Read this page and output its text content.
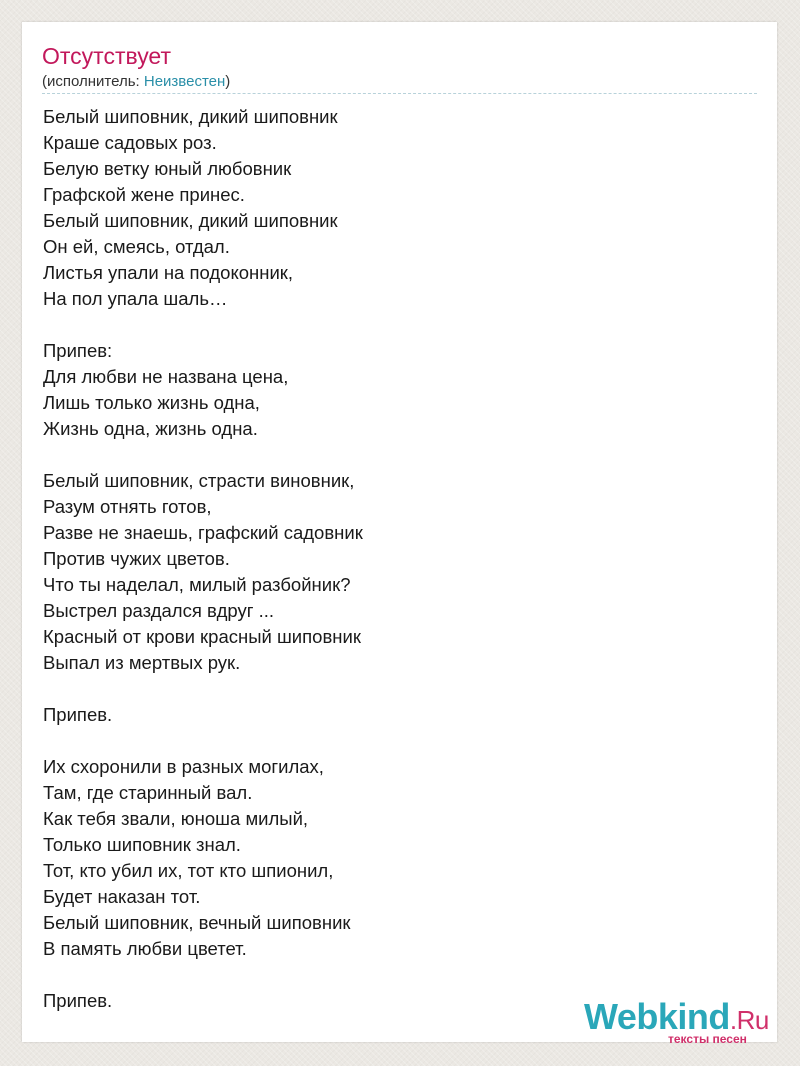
Отсутствует
(исполнитель: Неизвестен)
Белый шиповник, дикий шиповник
Краше садовых роз.
Белую ветку юный любовник
Графской жене принес.
Белый шиповник, дикий шиповник
Он ей, смеясь, отдал.
Листья упали на подоконник,
На пол упала шаль…
Припев:
Для любви не названа цена,
Лишь только жизнь одна,
Жизнь одна, жизнь одна.
Белый шиповник, страсти виновник,
Разум отнять готов,
Разве не знаешь, графский садовник
Против чужих цветов.
Что ты наделал, милый разбойник?
Выстрел раздался вдруг ...
Красный от крови красный шиповник
Выпал из мертвых рук.
Припев.
Их схоронили в разных могилах,
Там, где старинный вал.
Как тебя звали, юноша милый,
Только шиповник знал.
Тот, кто убил их, тот кто шпионил,
Будет наказан тот.
Белый шиповник, вечный шиповник
В память любви цветет.
Припев.	Webkind.Ru
тексты песен
